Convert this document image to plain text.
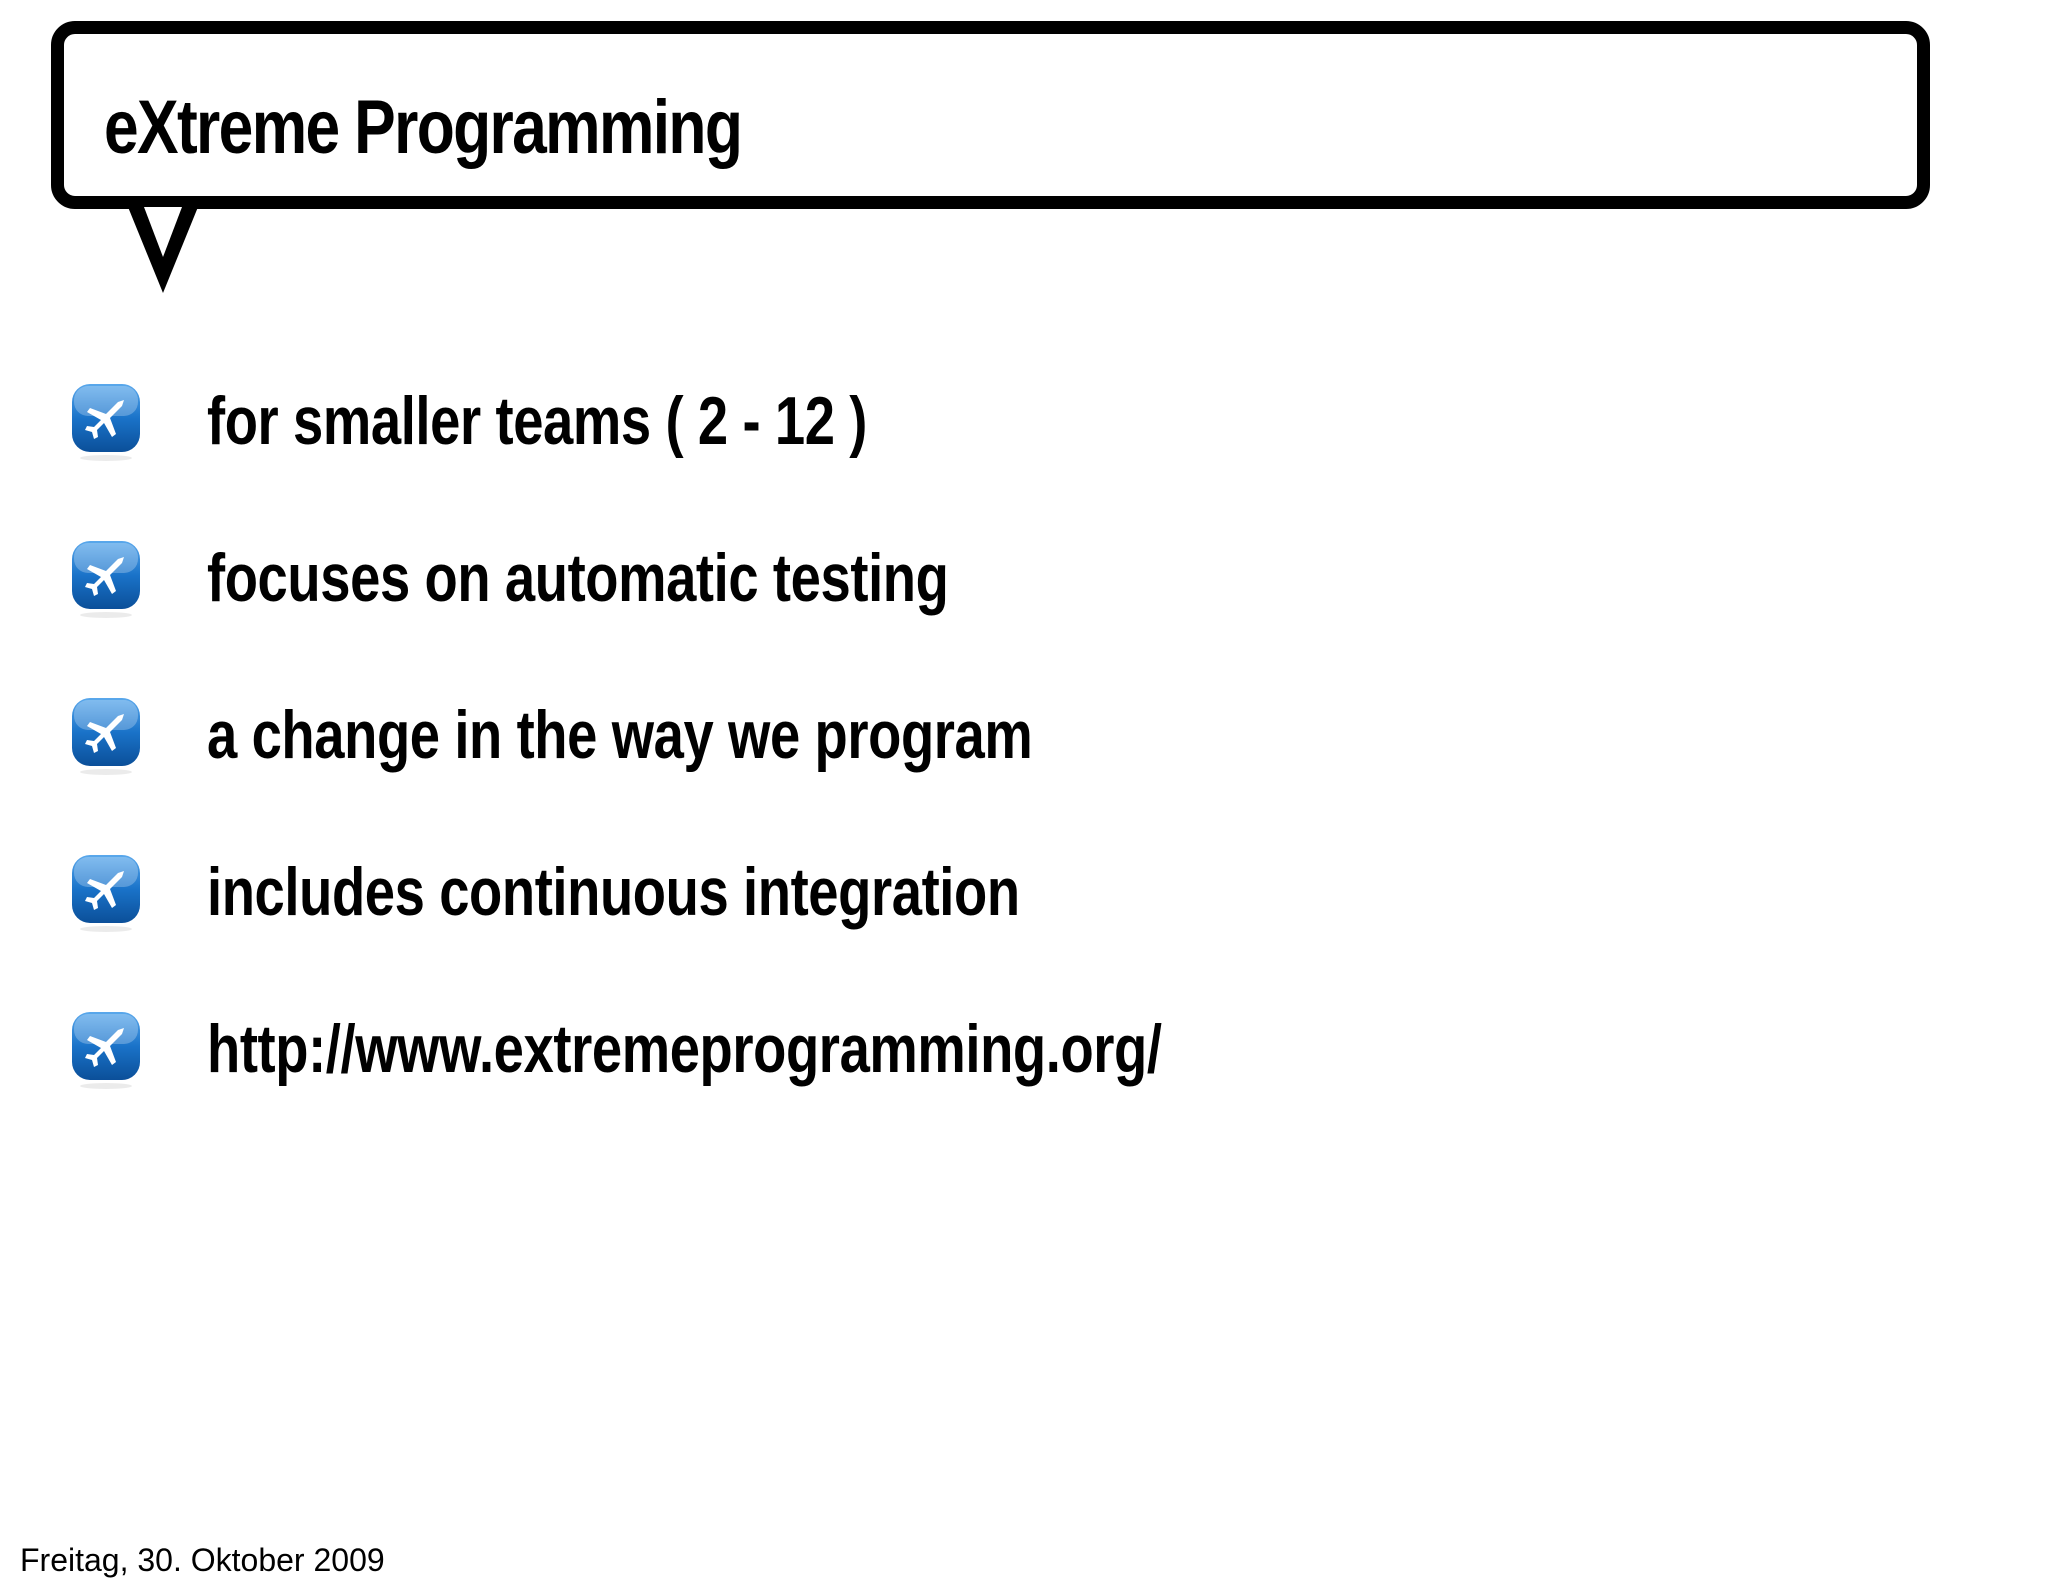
eXtreme Programming
for smaller teams ( 2 - 12 )
focuses on automatic testing
a change in the way we program
includes continuous integration
http://www.extremeprogramming.org/
Freitag, 30. Oktober 2009
